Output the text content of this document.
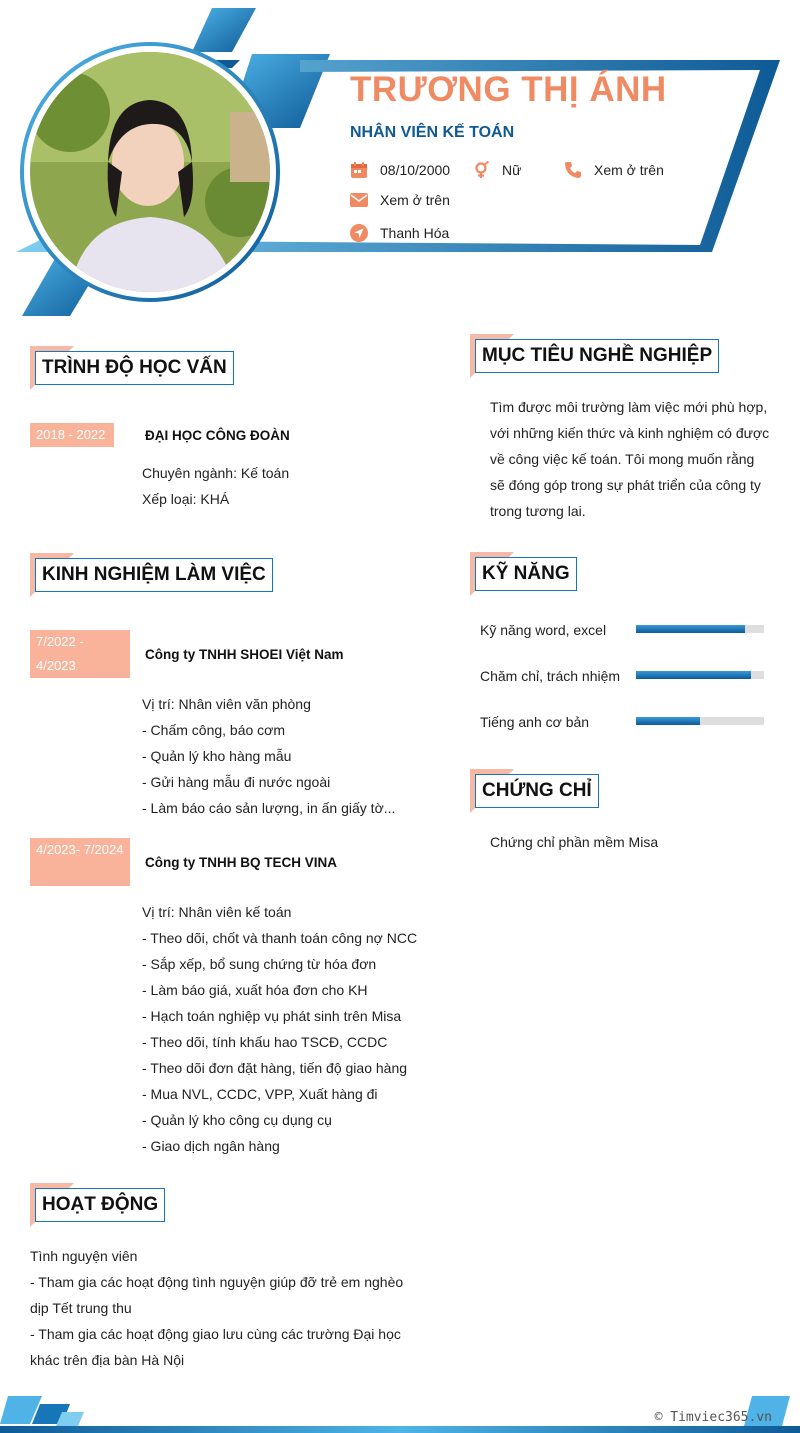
TRƯƠNG THỊ ÁNH
NHÂN VIÊN KẾ TOÁN
08/10/2000	Nữ	Xem ở trên
Xem ở trên
Thanh Hóa
TRÌNH ĐỘ HỌC VẤN
2018 - 2022	ĐẠI HỌC CÔNG ĐOÀN
Chuyên ngành: Kế toán
Xếp loại: KHÁ
KINH NGHIỆM LÀM VIỆC
7/2022 - 4/2023
Công ty TNHH SHOEI Việt Nam
Vị trí: Nhân viên văn phòng
- Chấm công, báo cơm
- Quản lý kho hàng mẫu
- Gửi hàng mẫu đi nước ngoài
- Làm báo cáo sản lượng, in ấn giấy tờ...
4/2023- 7/2024
Công ty TNHH BQ TECH VINA
Vị trí: Nhân viên kế toán
- Theo dõi, chốt và thanh toán công nợ NCC
- Sắp xếp, bổ sung chứng từ hóa đơn
- Làm báo giá, xuất hóa đơn cho KH
- Hạch toán nghiệp vụ phát sinh trên Misa
- Theo dõi, tính khấu hao TSCĐ, CCDC
- Theo dõi đơn đặt hàng, tiến độ giao hàng
- Mua NVL, CCDC, VPP, Xuất hàng đi
- Quản lý kho công cụ dụng cụ
- Giao dịch ngân hàng
HOẠT ĐỘNG
Tình nguyện viên
- Tham gia các hoạt động tình nguyện giúp đỡ trẻ em nghèo dịp Tết trung thu
- Tham gia các hoạt động giao lưu cùng các trường Đại học khác trên địa bàn Hà Nội
MỤC TIÊU NGHỀ NGHIỆP
Tìm được môi trường làm việc mới phù hợp, với những kiến thức và kinh nghiệm có được về công việc kế toán. Tôi mong muốn rằng sẽ đóng góp trong sự phát triển của công ty trong tương lai.
KỸ NĂNG
Kỹ năng word, excel
Chăm chỉ, trách nhiệm
Tiếng anh cơ bản
CHỨNG CHỈ
Chứng chỉ phần mềm Misa
© Timviec365.vn
